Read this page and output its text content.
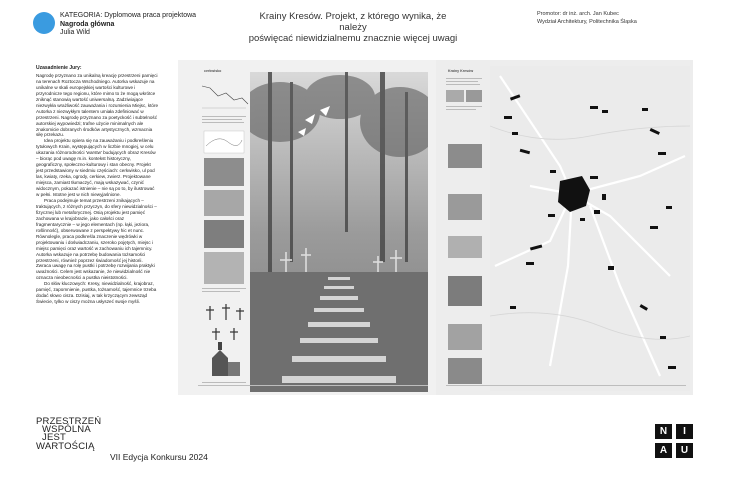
KATEGORIA: Dyplomowa praca projektowa
Nagroda główna
Julia Wild
Krainy Kresów. Projekt, z którego wynika, że należy
poświęcać niewidzialnemu znacznie więcej uwagi
Promotor: dr inż. arch. Jan Kubec
Wydział Architektury, Politechnika Śląska

Uzasadnienie Jury:

Nagrodę przyznano za unikalną kreację przestrzeni pamięci na terenach Roztocza Wschodniego. Autorka wskazuje na unikalne w skali europejskiej wartości kulturowe i przyrodnicze tego regionu, które mimo to że mogą wkrótce zniknąć stanowią wartość uniwersalną. Zadziwiające niezwykła wrażliwość zauważania i rozumienia Miejsc, które Autorka z niezwykłym talentem umiała zdefiniować w przestrzeni. Nagrodę przyznano za poetyckość i subtelność autorskiej wypowiedzi; trafne użycie minimalnych ale znakomicie dobranych środków artystycznych, wzmacnia siłę przekazu.

Idea projektu opiera się na zauważaniu i podkreśleniu tytułowych Krain, występujących w liczbie mnogiej, w celu ukazania różnorodności 'warstw' budujących obraz Kresów – biorąc pod uwagę m.in. kontekst historyczny, geograficzny, społeczno-kulturowy i stan obecny. Projekt jest przedstawiony w siedmiu częściach: cerkwisko, ul pod las, kwiaty, rzeka, ogrody, cerkiew, zwierz. Projektowane miejsca, zamiast tłumaczyć, mają wskazywać, czynić widocznym, pokazać istnienie – nie są po to, by ilustrować w pełni. Istotne jest w nich niewyjaśnione.

Praca podejmuje temat przestrzeni znikających – traktujących, z różnych przyczyn, do sfery niewidzialności – fizycznej lub metaforycznej. Osią projektu jest pamięć zachowana w krajobrazie, jako całości oraz fragmentarycznie – w jego elementach (np. łąki, jeziora, roślinność), obserwowane z perspektywy hic et nunc. Równolegle, praca podkreśla znaczenie wędrówki w projektowaniu i doświadczaniu, szeroko pojętych, miejsc i miejsc pamięci oraz wartość w zachowaniu ich tajemnicy. Autorka wskazuje na potrzebę budowania tożsamości przestrzeni, również poprzez świadomość jej historii. Zwraca uwagę na rolę pustki i potrzebę rozwijania praktyki uważności. Celem jest wskazanie, że niewidzialność nie oznacza nieobecności a pustka nieistotności.

Do słów kluczowych: Kresy, niewidzialność, krajobraz, pamięć, zapomnienie, pustka, tożsamość, tajemnice trzeba dodać słowo cisza. Dzisiaj, w tak krzyczącym zewsząd Świecie, tylko w ciszy można usłyszeć swoje myśli.

cerkwisko	Krainy Kresów
PRZESTRZEŃ
WSPÓLNA
JEST
WARTOŚCIĄ
VII Edycja Konkursu 2024
N	I
A	U
